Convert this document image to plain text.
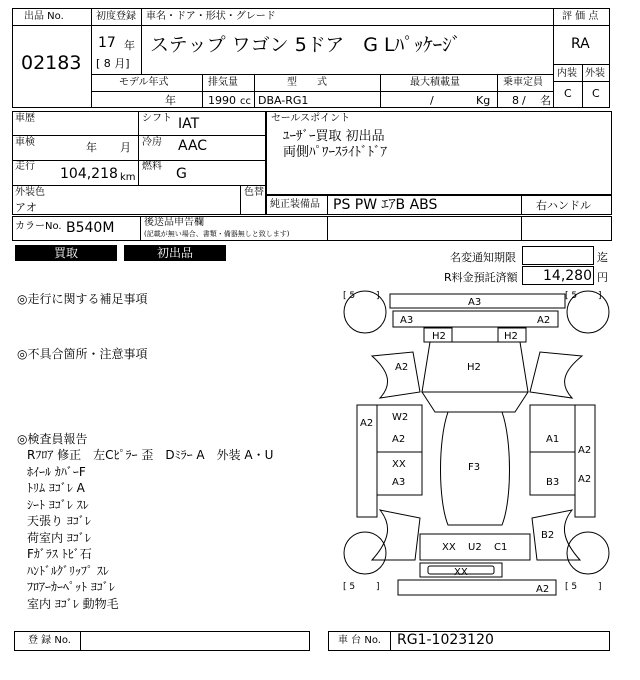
出品 No.
02183
初度登録
17 年
[ 8 月]
車名・ドア・形状・グレード
ステップ ワゴン 5ドア　G Lﾊﾟｯｹｰｼﾞ
評 価 点
RA
内装 外装
C C
モデル年式
年
排気量
1990 cc
型　　式
DBA-RG1
最大積載量
/	Kg
乗車定員
8 / 名
車歴	シフト IAT
車検	年 月 冷房 AAC
走行 104,218 km
燃料 G
外装色
アオ
色替
セールスポイント
ﾕｰｻﾞｰ買取 初出品
両側ﾊﾟﾜｰｽﾗｲﾄﾞﾄﾞｱ
純正装備品 PS PW ｴｱB ABS	右ハンドル
カラーNo. B540M	後送品申告欄
(記載が無い場合、書類・備器無しと致します)
買取	初出品	名変通知期限	迄
R料金預託済額 14,280 円
◎走行に関する補足事項
◎不具合箇所・注意事項
◎検査員報告
Rﾌﾛｱ 修正　左Cﾋﾟﾗｰ 歪　Dﾐﾗｰ A　外装 A・U
ﾎｲｰﾙ ｶﾊﾞｰF
ﾄﾘﾑ ﾖｺﾞﾚ A
ｼｰﾄ ﾖｺﾞﾚ ｽﾚ
天張り ﾖｺﾞﾚ
荷室内 ﾖｺﾞﾚ
Fｶﾞﾗｽ ﾄﾋﾞ石
ﾊﾝﾄﾞﾙｸﾞﾘｯﾌﾟ ｽﾚ
ﾌﾛｱｰｶｰﾍﾟｯﾄ ﾖｺﾞﾚ
室内 ﾖｺﾞﾚ 動物毛
[ 5 　　]	[ 5 　　]
[ 5 　　]	[ 5 　　]
A3
A3	A2
H2	H2
A2	H2
A2
W2
A2
XX
A3
F3
A1
A2
A2
B3
B2
XX U2 C1
XX
A2
登 録 No.	車 台 No. RG1-1023120
